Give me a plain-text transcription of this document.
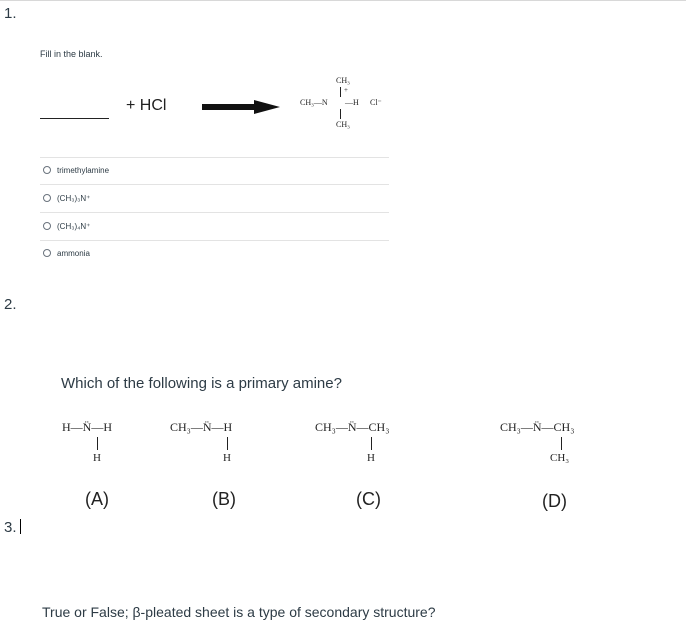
1.
Fill in the blank.
+ HCl
CH₃
+
CH₃—N —H Cl⁻
CH₃
trimethylamine
(CH₃)₃N⁺
(CH₃)₄N⁺
ammonia
2.
Which of the following is a primary amine?
H—N̈—H
H
(A)
CH₃—N̈—H
H
(B)
CH₃—N̈—CH₃
H
(C)
CH₃—N̈—CH₃
CH₃
(D)
3.
True or False; β-pleated sheet is a type of secondary structure?
